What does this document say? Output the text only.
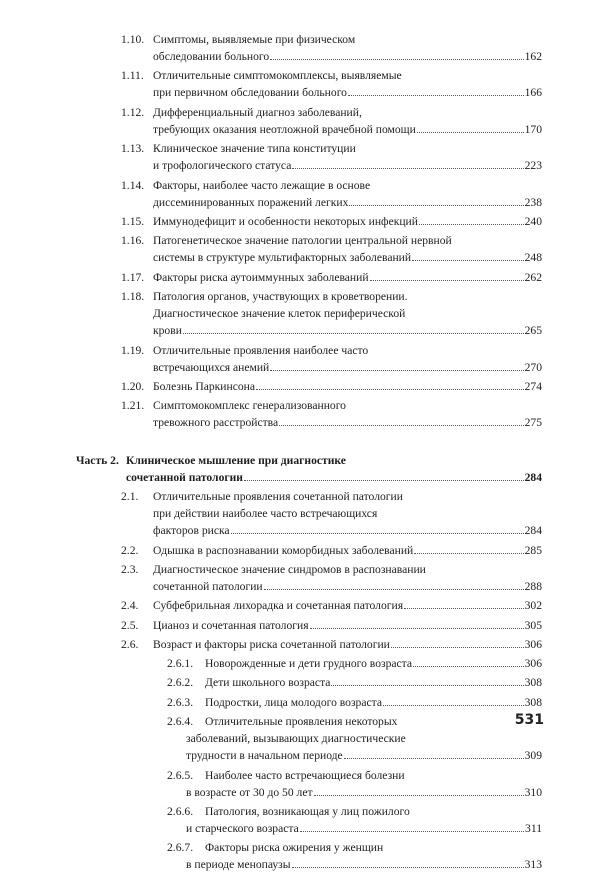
1.10. Симптомы, выявляемые при физическом
обследовании больного	162
1.11. Отличительные симптомокомплексы, выявляемые
при первичном обследовании больного	166
1.12. Дифференциальный диагноз заболеваний,
требующих оказания неотложной врачебной помощи	170
1.13. Клиническое значение типа конституции
и трофологического статуса	223
1.14. Факторы, наиболее часто лежащие в основе
диссеминированных поражений легких	238
1.15. Иммунодефицит и особенности некоторых инфекций	240
1.16. Патогенетическое значение патологии центральной нервной
системы в структуре мультифакторных заболеваний	248
1.17. Факторы риска аутоиммунных заболеваний	262
1.18. Патология органов, участвующих в кроветворении.
Диагностическое значение клеток периферической
крови	265
1.19. Отличительные проявления наиболее часто
встречающихся анемий	270
1.20. Болезнь Паркинсона	274
1.21. Симптомокомплекс генерализованного
тревожного расстройства	275
Часть 2. Клиническое мышление при диагностике
сочетанной патологии	284
2.1. Отличительные проявления сочетанной патологии
при действии наиболее часто встречающихся
факторов риска	284
2.2. Одышка в распознавании коморбидных заболеваний	285
2.3. Диагностическое значение синдромов в распознавании
сочетанной патологии	288
2.4. Субфебрильная лихорадка и сочетанная патология	302
2.5. Цианоз и сочетанная патология	305
2.6. Возраст и факторы риска сочетанной патологии	306
2.6.1. Новорожденные и дети грудного возраста	306
2.6.2. Дети школьного возраста	308
2.6.3. Подростки, лица молодого возраста	308
2.6.4. Отличительные проявления некоторых
заболеваний, вызывающих диагностические
трудности в начальном периоде	309
2.6.5. Наиболее часто встречающиеся болезни
в возрасте от 30 до 50 лет	310
2.6.6. Патология, возникающая у лиц пожилого
и старческого возраста	311
2.6.7. Факторы риска ожирения у женщин
в периоде менопаузы	313
531
